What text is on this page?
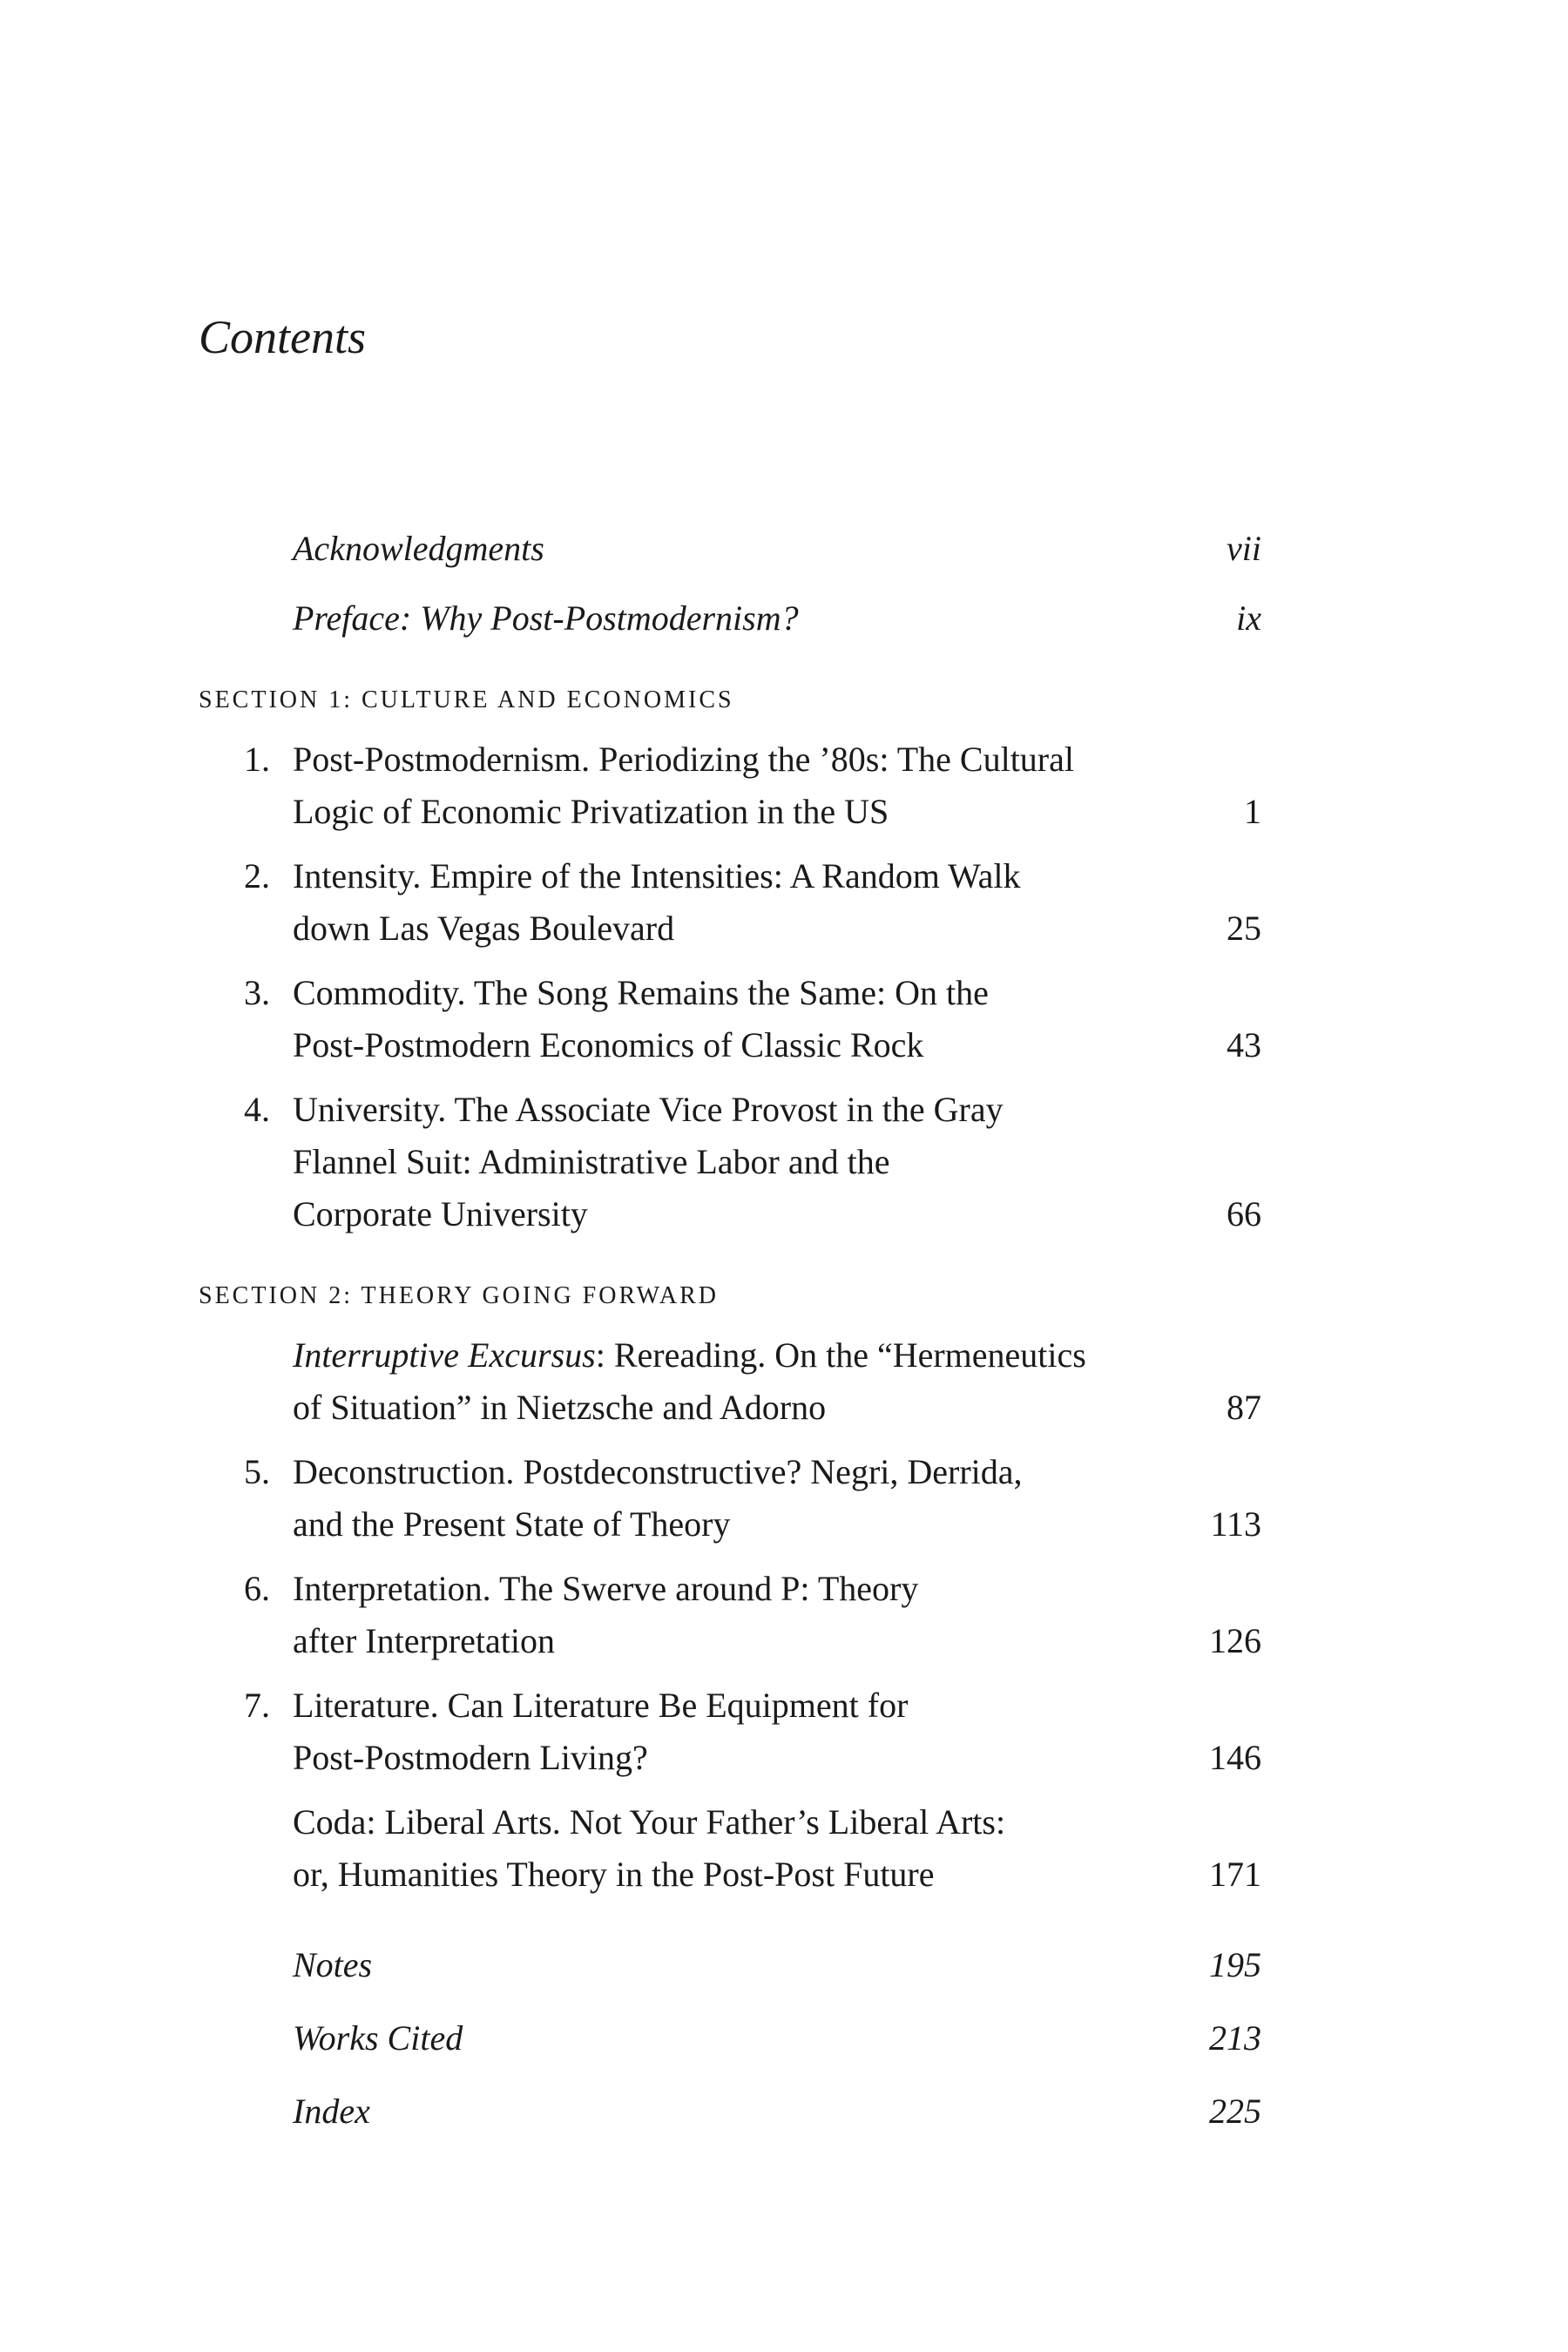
Contents
Acknowledgments	vii
Preface: Why Post-Postmodernism?	ix
SECTION 1: CULTURE AND ECONOMICS
1. Post-Postmodernism. Periodizing the ’80s: The Cultural
Logic of Economic Privatization in the US	1
2. Intensity. Empire of the Intensities: A Random Walk
down Las Vegas Boulevard	25
3. Commodity. The Song Remains the Same: On the
Post-Postmodern Economics of Classic Rock	43
4. University. The Associate Vice Provost in the Gray
Flannel Suit: Administrative Labor and the
Corporate University	66
SECTION 2: THEORY GOING FORWARD
Interruptive Excursus: Rereading. On the “Hermeneutics
of Situation” in Nietzsche and Adorno	87
5. Deconstruction. Postdeconstructive? Negri, Derrida,
and the Present State of Theory	113
6. Interpretation. The Swerve around P: Theory
after Interpretation	126
7. Literature. Can Literature Be Equipment for
Post-Postmodern Living?	146
Coda: Liberal Arts. Not Your Father’s Liberal Arts:
or, Humanities Theory in the Post-Post Future	171
Notes	195
Works Cited	213
Index	225
